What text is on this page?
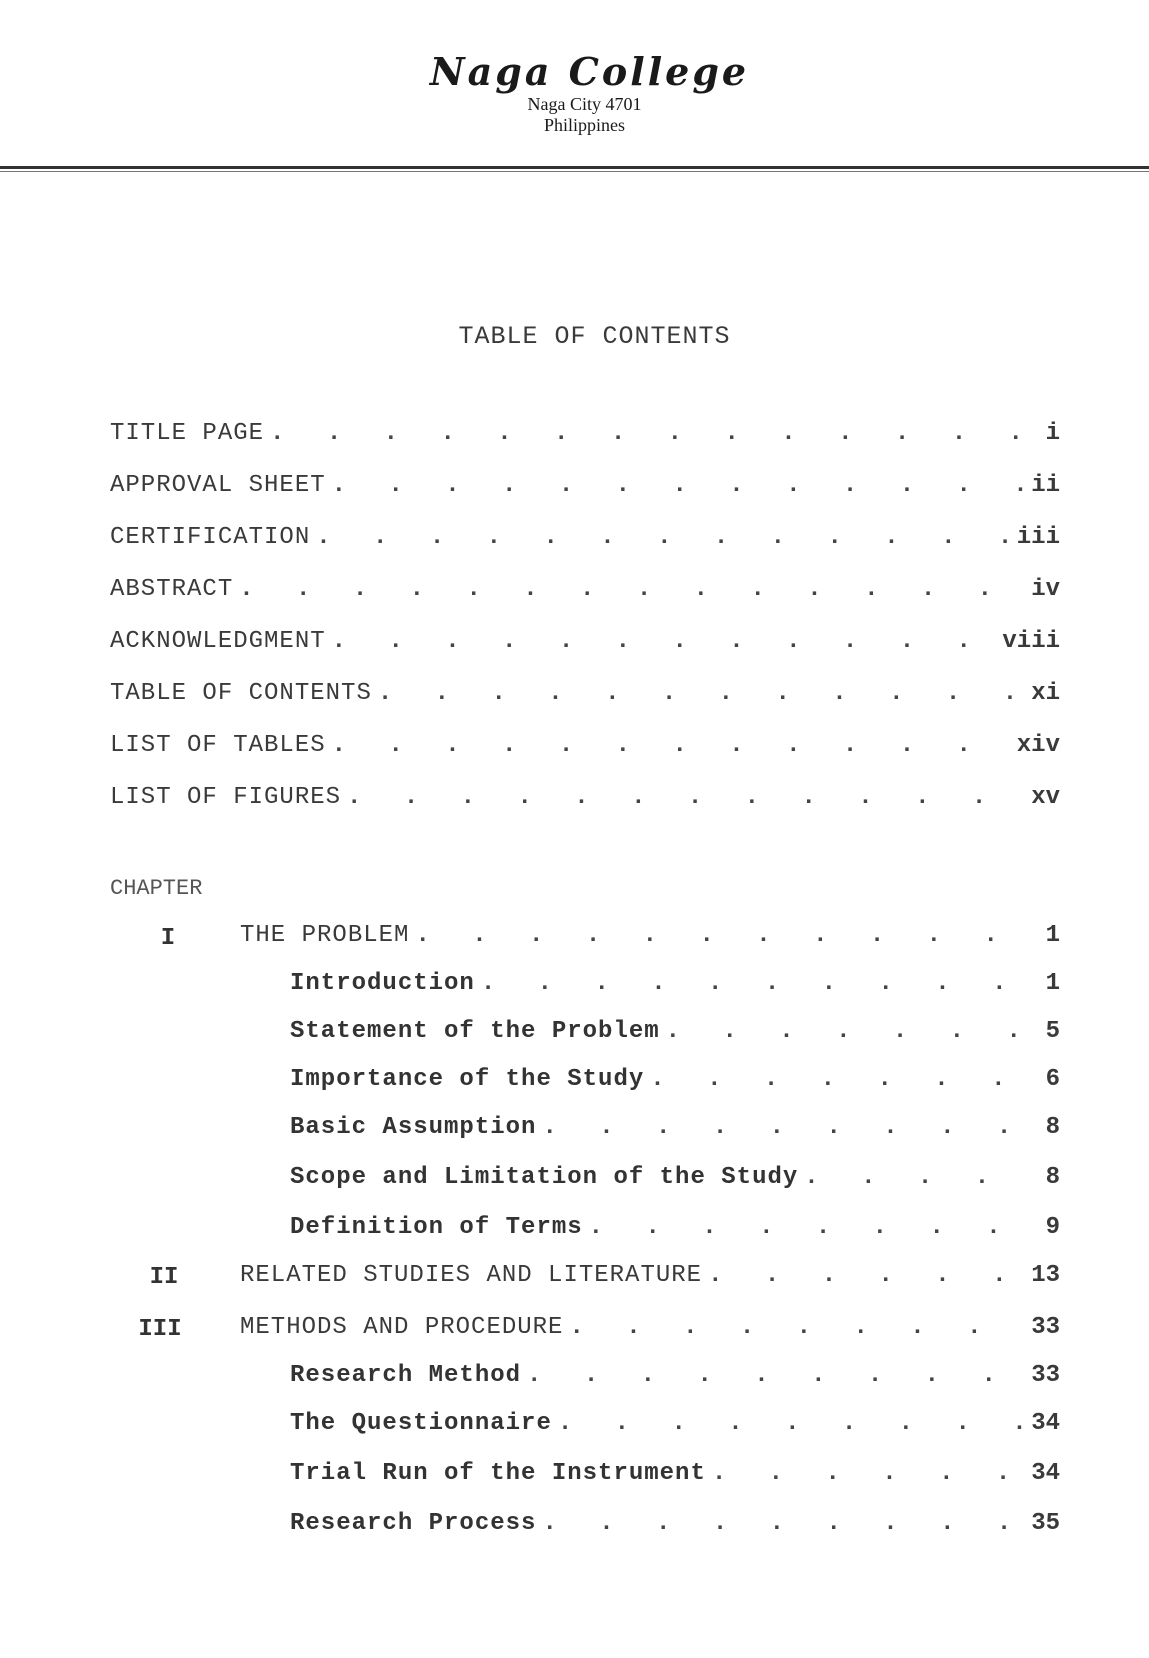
Naga College
Naga City 4701
Philippines
TABLE OF CONTENTS
TITLE PAGE . . .	i
APPROVAL SHEET . . .	ii
CERTIFICATION . . .	iii
ABSTRACT . . .	iv
ACKNOWLEDGMENT . . .	viii
TABLE OF CONTENTS . . .	xi
LIST OF TABLES . . .	xiv
LIST OF FIGURES . . .	xv
CHAPTER
I	THE PROBLEM . . .	1
Introduction . . .	1
Statement of the Problem . . .	5
Importance of the Study . . .	6
Basic Assumption . . .	8
Scope and Limitation of the Study . . .	8
Definition of Terms . . .	9
II	RELATED STUDIES AND LITERATURE . . .	13
III	METHODS AND PROCEDURE . . .	33
Research Method . . .	33
The Questionnaire . . .	34
Trial Run of the Instrument . . .	34
Research Process . . .	35
